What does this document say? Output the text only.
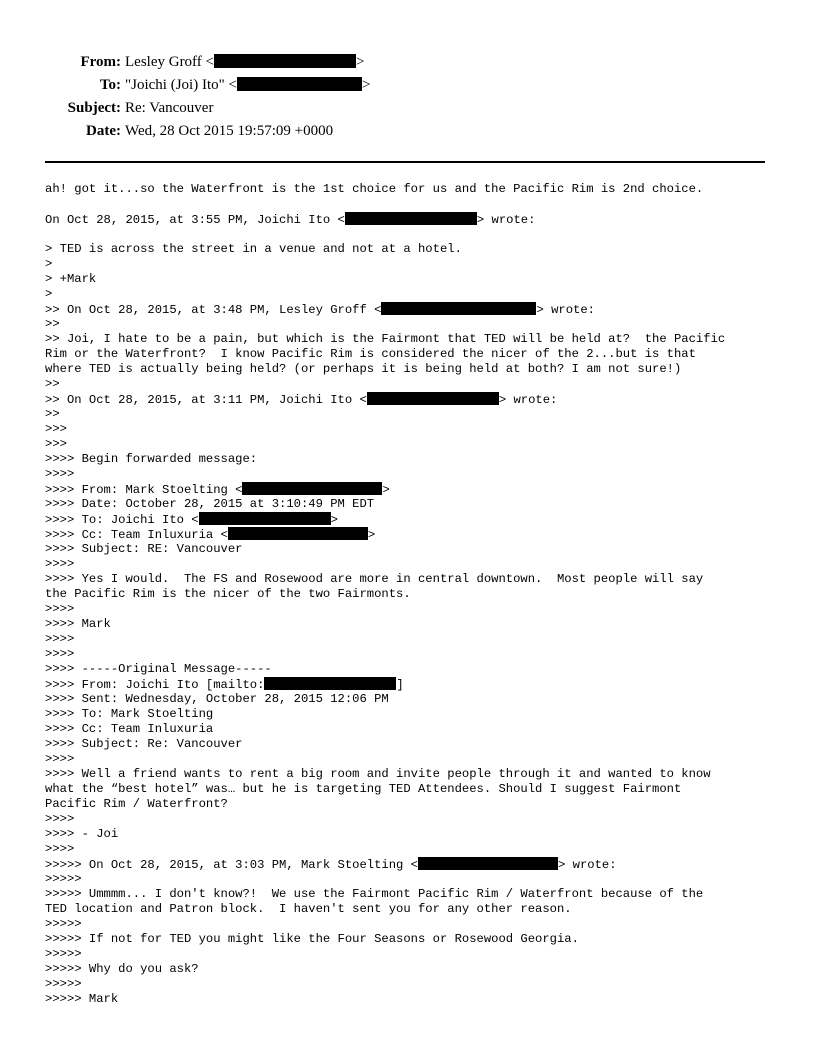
From: Lesley Groff <	>
To: "Joichi (Joi) Ito" <	>
Subject: Re: Vancouver
Date: Wed, 28 Oct 2015 19:57:09 +0000
ah! got it...so the Waterfront is the 1st choice for us and the Pacific Rim is 2nd choice.
On Oct 28, 2015, at 3:55 PM, Joichi Ito <	> wrote:
> TED is across the street in a venue and not at a hotel.
>
> +Mark
>
>> On Oct 28, 2015, at 3:48 PM, Lesley Groff <	> wrote:
>>
>> Joi, I hate to be a pain, but which is the Fairmont that TED will be held at?  the Pacific
Rim or the Waterfront?  I know Pacific Rim is considered the nicer of the 2...but is that
where TED is actually being held? (or perhaps it is being held at both? I am not sure!)
>>
>> On Oct 28, 2015, at 3:11 PM, Joichi Ito <	> wrote:
>>
>>>
>>>
>>>> Begin forwarded message:
>>>>
>>>> From: Mark Stoelting <	>
>>>> Date: October 28, 2015 at 3:10:49 PM EDT
>>>> To: Joichi Ito <	>
>>>> Cc: Team Inluxuria <	>
>>>> Subject: RE: Vancouver
>>>>
>>>> Yes I would.  The FS and Rosewood are more in central downtown.  Most people will say
the Pacific Rim is the nicer of the two Fairmonts.
>>>>
>>>> Mark
>>>>
>>>>
>>>> -----Original Message-----
>>>> From: Joichi Ito [mailto:	]
>>>> Sent: Wednesday, October 28, 2015 12:06 PM
>>>> To: Mark Stoelting
>>>> Cc: Team Inluxuria
>>>> Subject: Re: Vancouver
>>>>
>>>> Well a friend wants to rent a big room and invite people through it and wanted to know
what the “best hotel” was… but he is targeting TED Attendees. Should I suggest Fairmont
Pacific Rim / Waterfront?
>>>>
>>>> - Joi
>>>>
>>>>> On Oct 28, 2015, at 3:03 PM, Mark Stoelting <	> wrote:
>>>>>
>>>>> Ummmm... I don't know?!  We use the Fairmont Pacific Rim / Waterfront because of the
TED location and Patron block.  I haven't sent you for any other reason.
>>>>>
>>>>> If not for TED you might like the Four Seasons or Rosewood Georgia.
>>>>>
>>>>> Why do you ask?
>>>>>
>>>>> Mark
